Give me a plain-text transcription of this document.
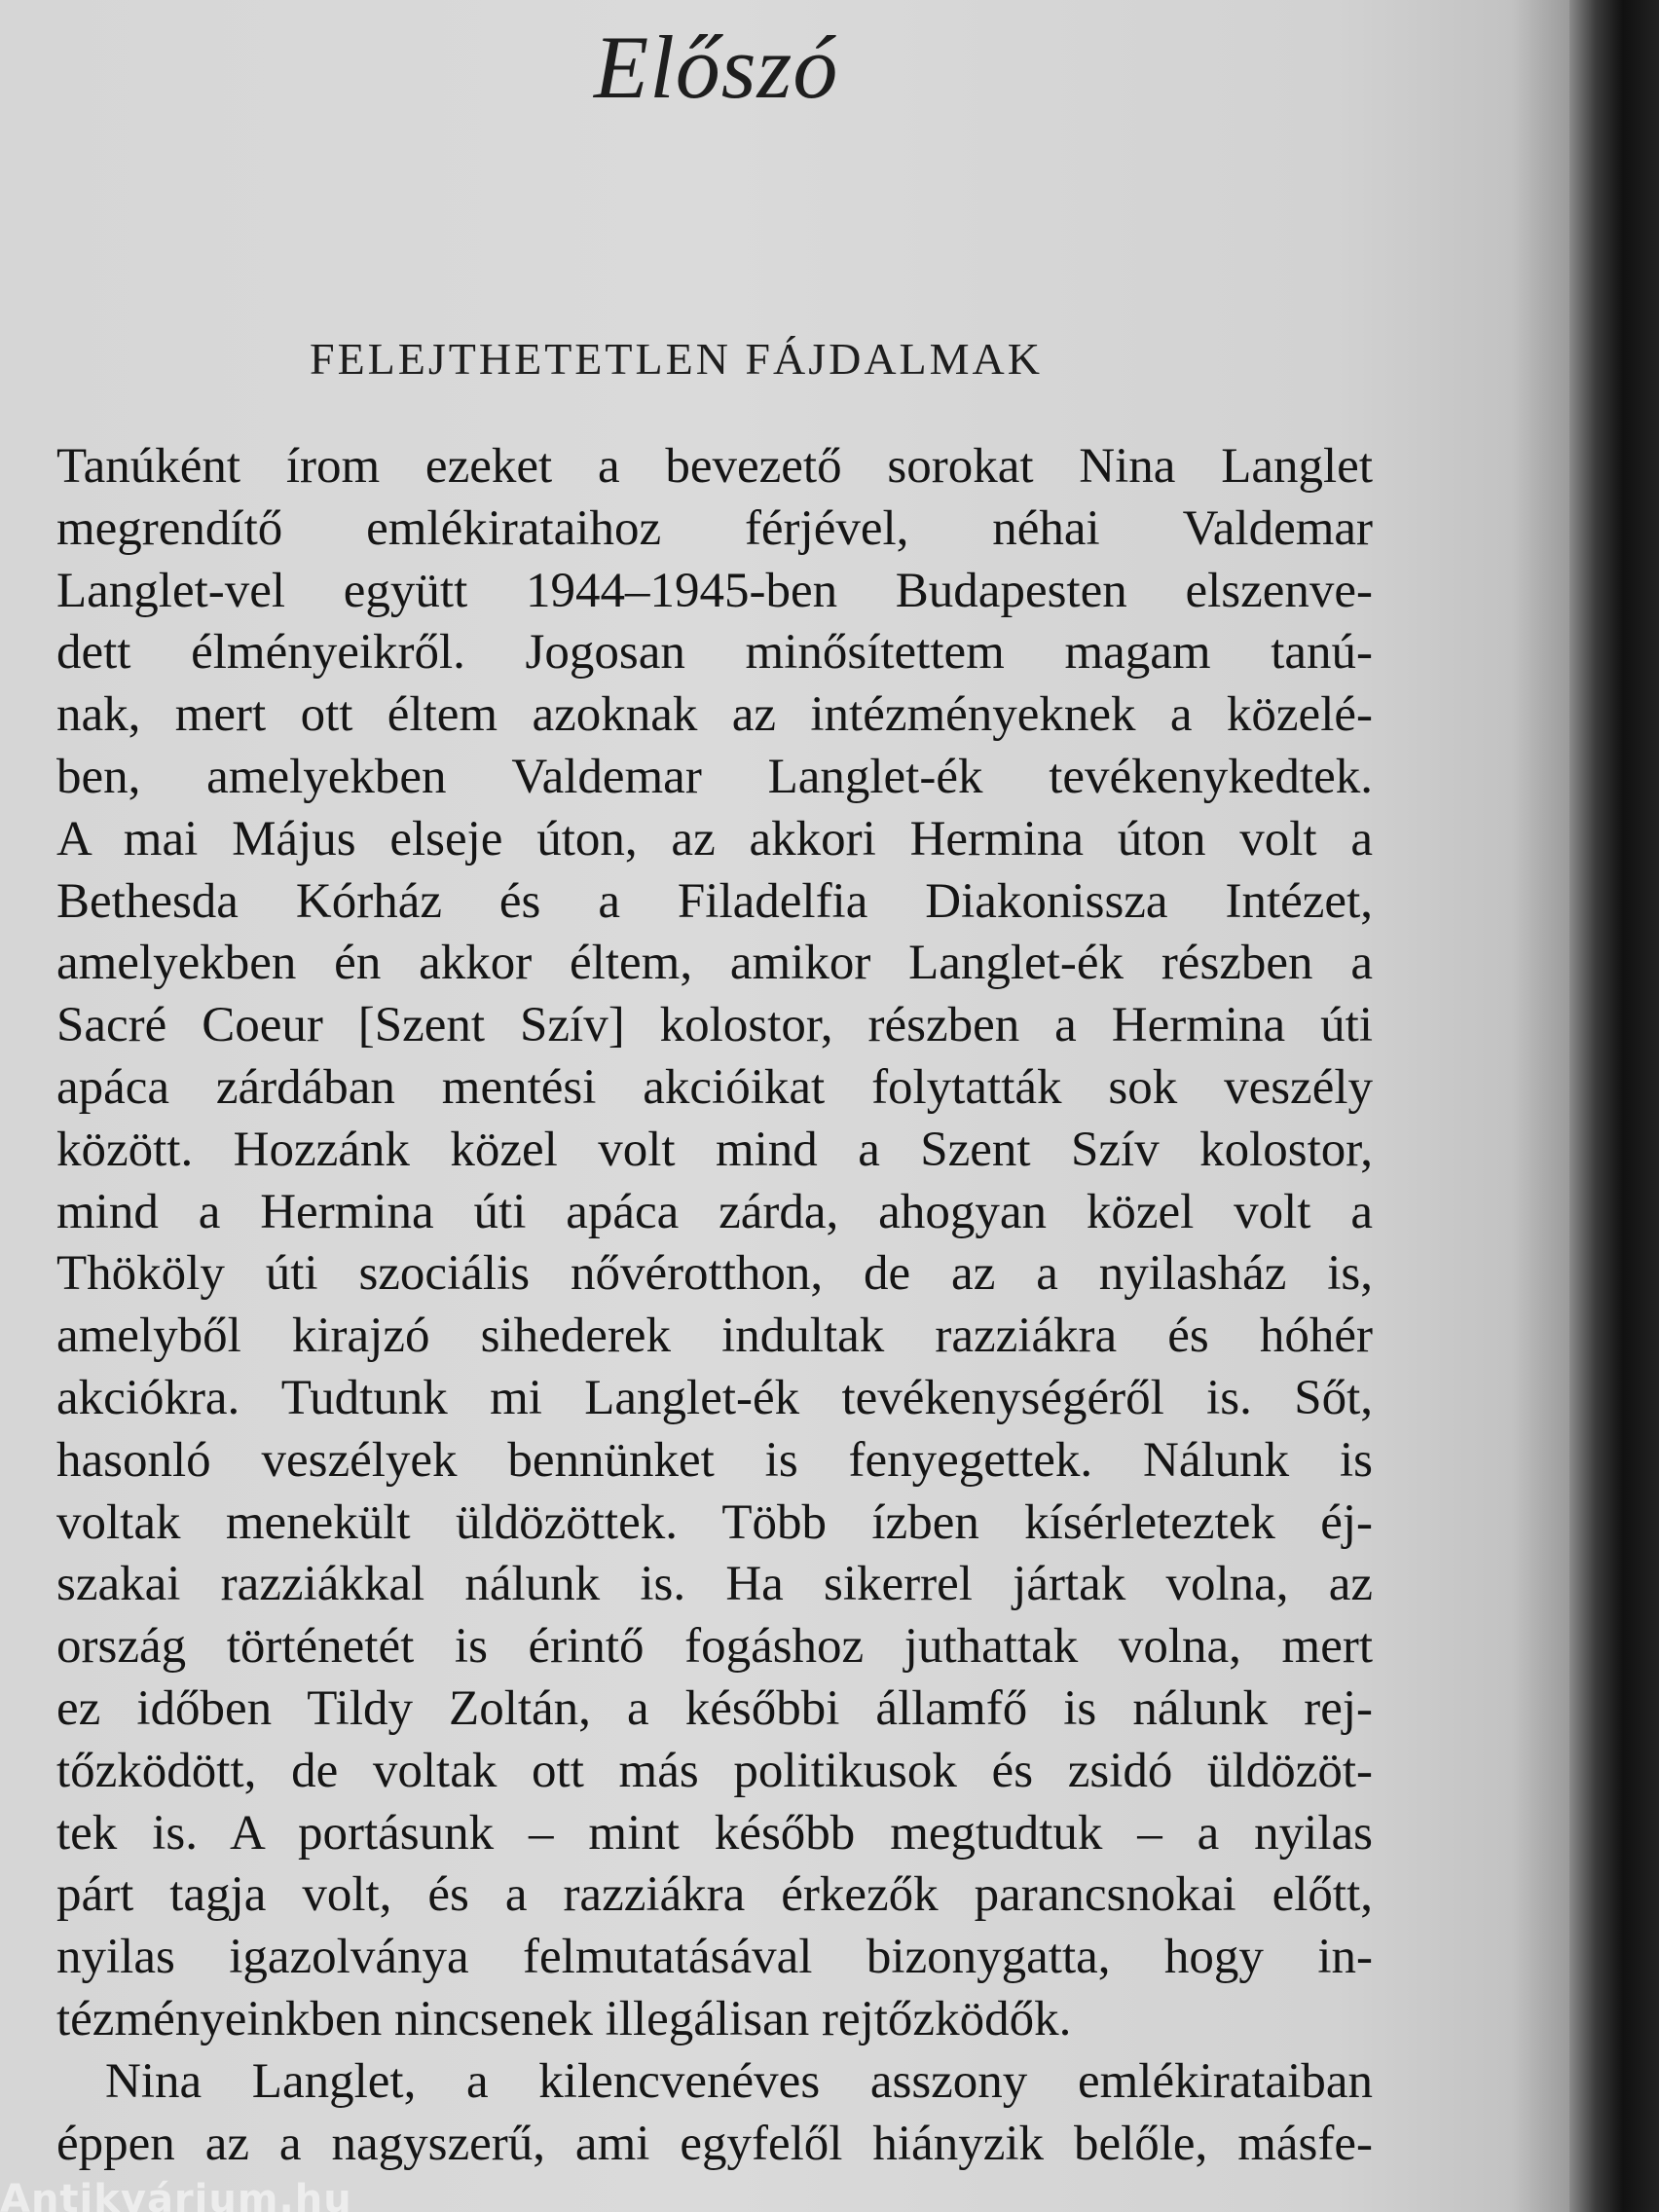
Előszó
FELEJTHETETLEN FÁJDALMAK
Tanúként írom ezeket a bevezető sorokat Nina Langlet
megrendítő emlékirataihoz férjével, néhai Valdemar
Langlet-vel együtt 1944–1945-ben Budapesten elszenve-
dett élményeikről. Jogosan minősítettem magam tanú-
nak, mert ott éltem azoknak az intézményeknek a közelé-
ben, amelyekben Valdemar Langlet-ék tevékenykedtek.
A mai Május elseje úton, az akkori Hermina úton volt a
Bethesda Kórház és a Filadelfia Diakonissza Intézet,
amelyekben én akkor éltem, amikor Langlet-ék részben a
Sacré Coeur [Szent Szív] kolostor, részben a Hermina úti
apáca zárdában mentési akcióikat folytatták sok veszély
között. Hozzánk közel volt mind a Szent Szív kolostor,
mind a Hermina úti apáca zárda, ahogyan közel volt a
Thököly úti szociális nővérotthon, de az a nyilasház is,
amelyből kirajzó sihederek indultak razziákra és hóhér
akciókra. Tudtunk mi Langlet-ék tevékenységéről is. Sőt,
hasonló veszélyek bennünket is fenyegettek. Nálunk is
voltak menekült üldözöttek. Több ízben kísérleteztek éj-
szakai razziákkal nálunk is. Ha sikerrel jártak volna, az
ország történetét is érintő fogáshoz juthattak volna, mert
ez időben Tildy Zoltán, a későbbi államfő is nálunk rej-
tőzködött, de voltak ott más politikusok és zsidó üldözöt-
tek is. A portásunk – mint később megtudtuk – a nyilas
párt tagja volt, és a razziákra érkezők parancsnokai előtt,
nyilas igazolványa felmutatásával bizonygatta, hogy in-
tézményeinkben nincsenek illegálisan rejtőzködők.
Nina Langlet, a kilencvenéves asszony emlékirataiban
éppen az a nagyszerű, ami egyfelől hiányzik belőle, másfe-
Antikvárium.hu
